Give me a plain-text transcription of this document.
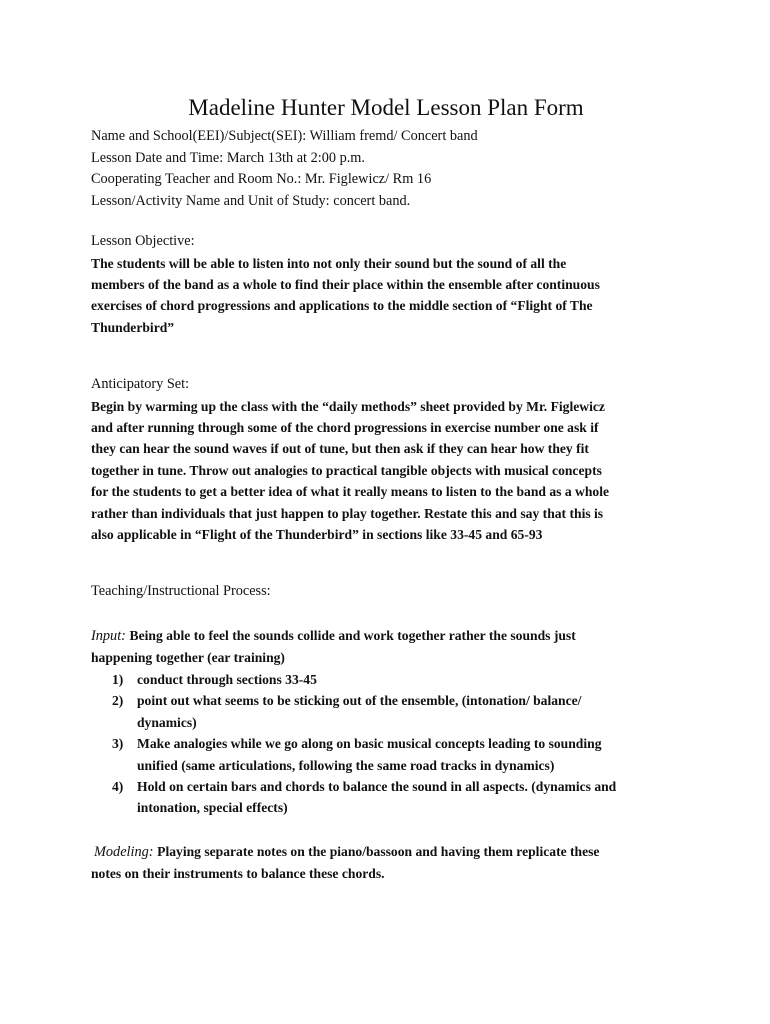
Madeline Hunter Model Lesson Plan Form

Name and School(EEI)/Subject(SEI): William fremd/ Concert band

Lesson Date and Time: March 13th at 2:00 p.m.

Cooperating Teacher and Room No.: Mr. Figlewicz/ Rm 16

Lesson/Activity Name and Unit of Study: concert band.

Lesson Objective:

The students will be able to listen into not only their sound but the sound of all the

members of the band as a whole to find their place within the ensemble after continuous

exercises of chord progressions and applications to the middle section of “Flight of The

Thunderbird”

Anticipatory Set:

Begin by warming up the class with the “daily methods” sheet provided by Mr. Figlewicz

and after running through some of the chord progressions in exercise number one ask if

they can hear the sound waves if out of tune, but then ask if they can hear how they fit

together in tune. Throw out analogies to practical tangible objects with musical concepts

for the students to get a better idea of what it really means to listen to the band as a whole

rather than individuals that just happen to play together. Restate this and say that this is

also applicable in “Flight of the Thunderbird” in sections like 33-45 and 65-93

Teaching/Instructional Process:

Input: Being able to feel the sounds collide and work together rather the sounds just

happening together (ear training)

1) conduct through sections 33-45
2) point out what seems to be sticking out of the ensemble, (intonation/ balance/
dynamics)
3) Make analogies while we go along on basic musical concepts leading to sounding
unified (same articulations, following the same road tracks in dynamics)
4) Hold on certain bars and chords to balance the sound in all aspects. (dynamics and
intonation, special effects)

Modeling: Playing separate notes on the piano/bassoon and having them replicate these

notes on their instruments to balance these chords.
